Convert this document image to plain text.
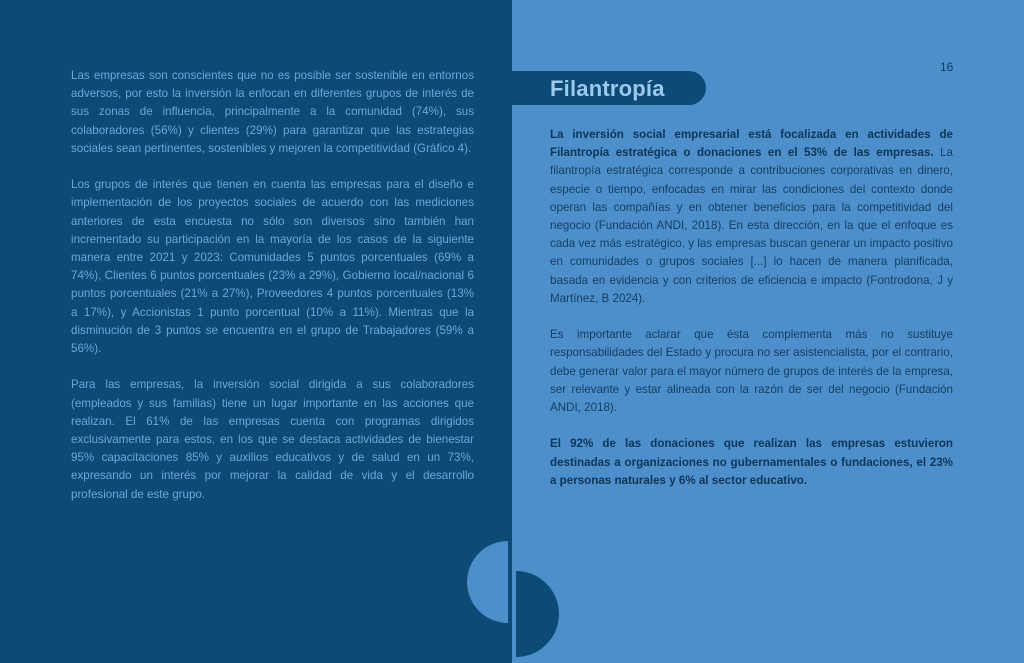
Las empresas son conscientes que no es posible ser sostenible en entornos adversos, por esto la inversión la enfocan en diferentes grupos de interés de sus zonas de influencia, principalmente a la comunidad (74%), sus colaboradores (56%) y clientes (29%) para garantizar que las estrategias sociales sean pertinentes, sostenibles y mejoren la competitividad (Gráfico 4).

Los grupos de interés que tienen en cuenta las empresas para el diseño e implementación de los proyectos sociales de acuerdo con las mediciones anteriores de esta encuesta no sólo son diversos sino también han incrementado su participación en la mayoría de los casos de la siguiente manera entre 2021 y 2023: Comunidades 5 puntos porcentuales (69% a 74%), Clientes 6 puntos porcentuales (23% a 29%), Gobierno local/nacional 6 puntos porcentuales (21% a 27%), Proveedores 4 puntos porcentuales (13% a 17%), y Accionistas 1 punto porcentual (10% a 11%). Mientras que la disminución de 3 puntos se encuentra en el grupo de Trabajadores (59% a 56%).

Para las empresas, la inversión social dirigida a sus colaboradores (empleados y sus familias) tiene un lugar importante en las acciones que realizan. El 61% de las empresas cuenta con programas dirigidos exclusivamente para estos, en los que se destaca actividades de bienestar 95% capacitaciones 85% y auxilios educativos y de salud en un 73%, expresando un interés por mejorar la calidad de vida y el desarrollo profesional de este grupo.

16
Filantropía

La inversión social empresarial está focalizada en actividades de Filantropía estratégica o donaciones en el 53% de las empresas. La filantropía estratégica corresponde a contribuciones corporativas en dinero, especie o tiempo, enfocadas en mirar las condiciones del contexto donde operan las compañías y en obtener beneficios para la competitividad del negocio (Fundación ANDI, 2018). En esta dirección, en la que el enfoque es cada vez más estratégico, y las empresas buscan generar un impacto positivo en comunidades o grupos sociales [...] lo hacen de manera planificada, basada en evidencia y con criterios de eficiencia e impacto (Fontrodona, J y Martínez, B 2024).

Es importante aclarar que ésta complementa más no sustituye responsabilidades del Estado y procura no ser asistencialista, por el contrario, debe generar valor para el mayor número de grupos de interés de la empresa, ser relevante y estar alineada con la razón de ser del negocio (Fundación ANDI, 2018).

El 92% de las donaciones que realizan las empresas estuvieron destinadas a organizaciones no gubernamentales o fundaciones, el 23% a personas naturales y 6% al sector educativo.
